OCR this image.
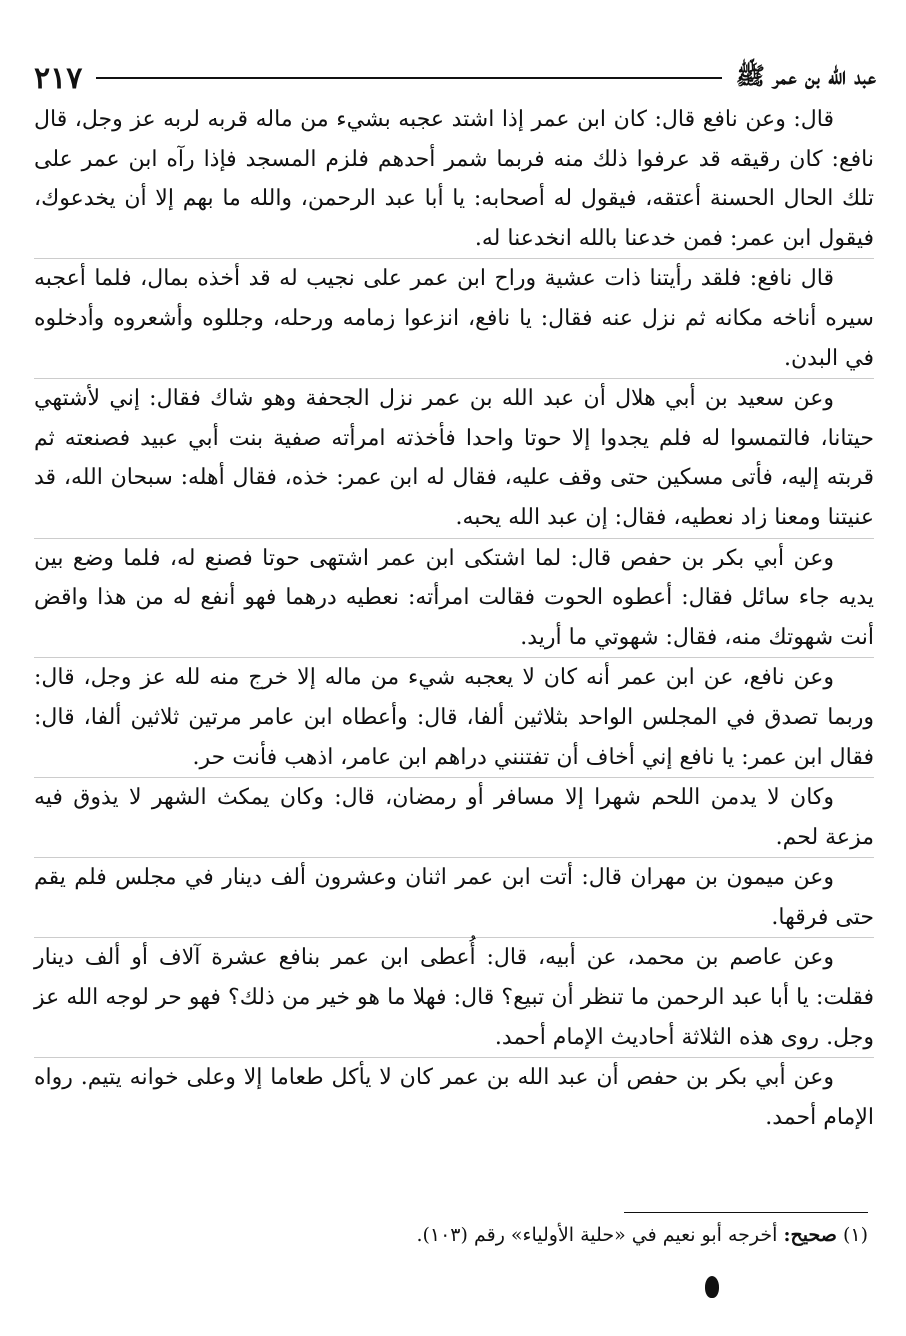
عبد الله بن عمر ﷺ
٢١٧

قال: وعن نافع قال: كان ابن عمر إذا اشتد عجبه بشيء من ماله قربه لربه عز وجل، قال نافع: كان رقيقه قد عرفوا ذلك منه فربما شمر أحدهم فلزم المسجد فإذا رآه ابن عمر على تلك الحال الحسنة أعتقه، فيقول له أصحابه: يا أبا عبد الرحمن، والله ما بهم إلا أن يخدعوك، فيقول ابن عمر: فمن خدعنا بالله انخدعنا له.

قال نافع: فلقد رأيتنا ذات عشية وراح ابن عمر على نجيب له قد أخذه بمال، فلما أعجبه سيره أناخه مكانه ثم نزل عنه فقال: يا نافع، انزعوا زمامه ورحله، وجللوه وأشعروه وأدخلوه في البدن.

وعن سعيد بن أبي هلال أن عبد الله بن عمر نزل الجحفة وهو شاك فقال: إني لأشتهي حيتانا، فالتمسوا له فلم يجدوا إلا حوتا واحدا فأخذته امرأته صفية بنت أبي عبيد فصنعته ثم قربته إليه، فأتى مسكين حتى وقف عليه، فقال له ابن عمر: خذه، فقال أهله: سبحان الله، قد عنيتنا ومعنا زاد نعطيه، فقال: إن عبد الله يحبه.

وعن أبي بكر بن حفص قال: لما اشتكى ابن عمر اشتهى حوتا فصنع له، فلما وضع بين يديه جاء سائل فقال: أعطوه الحوت فقالت امرأته: نعطيه درهما فهو أنفع له من هذا واقض أنت شهوتك منه، فقال: شهوتي ما أريد.

وعن نافع، عن ابن عمر أنه كان لا يعجبه شيء من ماله إلا خرج منه لله عز وجل، قال: وربما تصدق في المجلس الواحد بثلاثين ألفا، قال: وأعطاه ابن عامر مرتين ثلاثين ألفا، قال: فقال ابن عمر: يا نافع إني أخاف أن تفتنني دراهم ابن عامر، اذهب فأنت حر.

وكان لا يدمن اللحم شهرا إلا مسافر أو رمضان، قال: وكان يمكث الشهر لا يذوق فيه مزعة لحم.

وعن ميمون بن مهران قال: أتت ابن عمر اثنان وعشرون ألف دينار في مجلس فلم يقم حتى فرقها.

وعن عاصم بن محمد، عن أبيه، قال: أُعطى ابن عمر بنافع عشرة آلاف أو ألف دينار فقلت: يا أبا عبد الرحمن ما تنظر أن تبيع؟ قال: فهلا ما هو خير من ذلك؟ فهو حر لوجه الله عز وجل. روى هذه الثلاثة أحاديث الإمام أحمد.

وعن أبي بكر بن حفص أن عبد الله بن عمر كان لا يأكل طعاما إلا وعلى خوانه يتيم. رواه الإمام أحمد.

(١) صحيح: أخرجه أبو نعيم في «حلية الأولياء» رقم (١٠٣).
